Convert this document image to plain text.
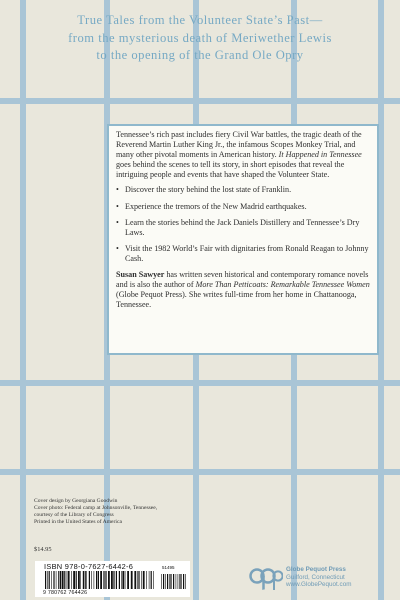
True Tales from the Volunteer State’s Past—
from the mysterious death of Meriwether Lewis
to the opening of the Grand Ole Opry

Tennessee’s rich past includes fiery Civil War battles, the tragic death of the Reverend Martin Luther King Jr., the infamous Scopes Monkey Trial, and many other pivotal moments in American history. It Happened in Tennessee goes behind the scenes to tell its story, in short episodes that reveal the intriguing people and events that have shaped the Volunteer State.

• Discover the story behind the lost state of Franklin.
• Experience the tremors of the New Madrid earthquakes.
• Learn the stories behind the Jack Daniels Distillery and Tennessee’s Dry Laws.
• Visit the 1982 World’s Fair with dignitaries from Ronald Reagan to Johnny Cash.

Susan Sawyer has written seven historical and contemporary romance novels and is also the author of More Than Petticoats: Remarkable Tennessee Women (Globe Pequot Press). She writes full-time from her home in Chattanooga, Tennessee.

Cover design by Georgiana Goodwin
Cover photo: Federal camp at Johnsonville, Tennessee,
courtesy of the Library of Congress
Printed in the United States of America
$14.95
ISBN 978-0-7627-6442-6
9 780762 764426
51495
gpp
Globe Pequot Press
Guilford, Connecticut
www.GlobePequot.com
